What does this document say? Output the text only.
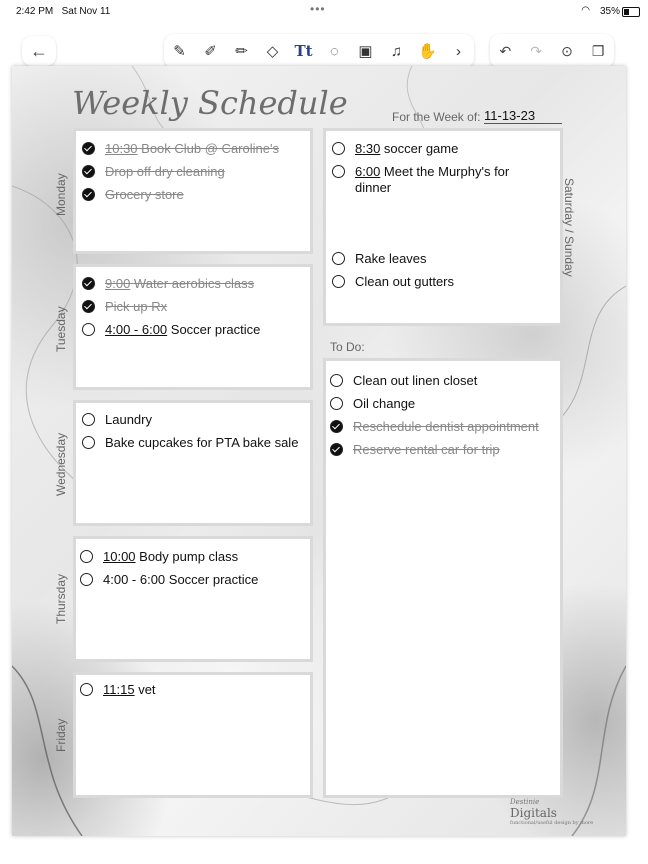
2:42 PM Sat Nov 11	•••	◠ 35%
←	✎	✐	✏	◇	Tt	◌	▣	♫	✋	›	↶ ↷ ⊙ ❐
Weekly Schedule	For the Week of: 11-13-23
Monday
10:30 Book Club @ Caroline's
Drop off dry cleaning
Grocery store
Tuesday
9:00 Water aerobics class
Pick up Rx
4:00 - 6:00 Soccer practice
Wednesday
Laundry
Bake cupcakes for PTA bake sale
Thursday
10:00 Body pump class
4:00 - 6:00 Soccer practice
Friday
11:15 vet
Saturday / Sunday
8:30 soccer game
6:00 Meet the Murphy's for dinner
Rake leaves
Clean out gutters
To Do:
Clean out linen closet
Oil change
Reschedule dentist appointment
Reserve rental car for trip
Destinie
Digitals
functional/useful design by more
